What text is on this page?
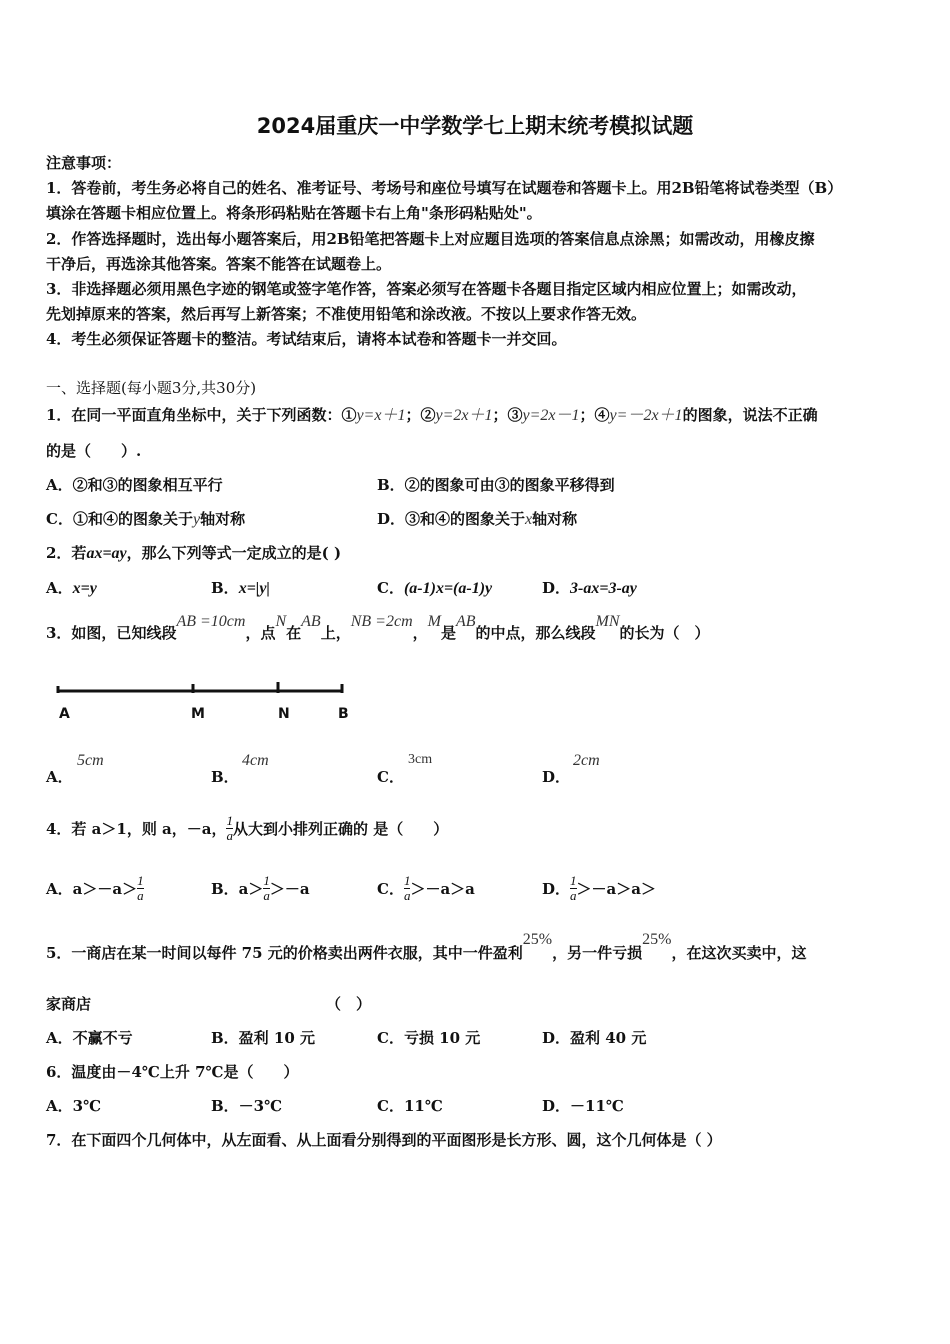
2024届重庆一中学数学七上期末统考模拟试题
注意事项：
1．答卷前，考生务必将自己的姓名、准考证号、考场号和座位号填写在试题卷和答题卡上。用2B铅笔将试卷类型（B）
填涂在答题卡相应位置上。将条形码粘贴在答题卡右上角"条形码粘贴处"。
2．作答选择题时，选出每小题答案后，用2B铅笔把答题卡上对应题目选项的答案信息点涂黑；如需改动，用橡皮擦
干净后，再选涂其他答案。答案不能答在试题卷上。
3．非选择题必须用黑色字迹的钢笔或签字笔作答，答案必须写在答题卡各题目指定区域内相应位置上；如需改动，
先划掉原来的答案，然后再写上新答案；不准使用铅笔和涂改液。不按以上要求作答无效。
4．考生必须保证答题卡的整洁。考试结束后，请将本试卷和答题卡一并交回。
一、选择题(每小题3分,共30分)
1．在同一平面直角坐标中，关于下列函数：①y=x＋1；②y=2x＋1；③y=2x－1；④y=－2x＋1的图象，说法不正确
的是（　　）.
A．②和③的图象相互平行	B．②的图象可由③的图象平移得到
C．①和④的图象关于y轴对称	D．③和④的图象关于x轴对称
2．若ax=ay，那么下列等式一定成立的是( )
A．x=y	B．x=|y|	C．(a-1)x=(a-1)y	D．3-ax=3-ay
3．如图，已知线段AB =10cm，点N在AB上，NB =2cm，M是AB的中点，那么线段MN的长为（　）
A	M	N	B
A．
5cm
B．
4cm
C．
3cm
D．
2cm
4．若 a＞1，则 a，－a， $\frac{1}{a}$ 从大到小排列正确的 是（　　）
A．$a>-a> \frac{1}{a}$	B．$a> \frac{1}{a} >-a$	C． $\frac{1}{a} >-a>a$	D． $\frac{1}{a} >-a>a>$
5．一商店在某一时间以每件 75 元的价格卖出两件衣服，其中一件盈利25%，另一件亏损25%，在这次买卖中，这
家商店	（　）
A．不赢不亏	B．盈利 10 元	C．亏损 10 元	D．盈利 40 元
6．温度由－4℃上升 7℃是（　　）
A．3℃	B．－3℃	C．11℃	D．－11℃
7．在下面四个几何体中，从左面看、从上面看分别得到的平面图形是长方形、圆，这个几何体是（ ）
